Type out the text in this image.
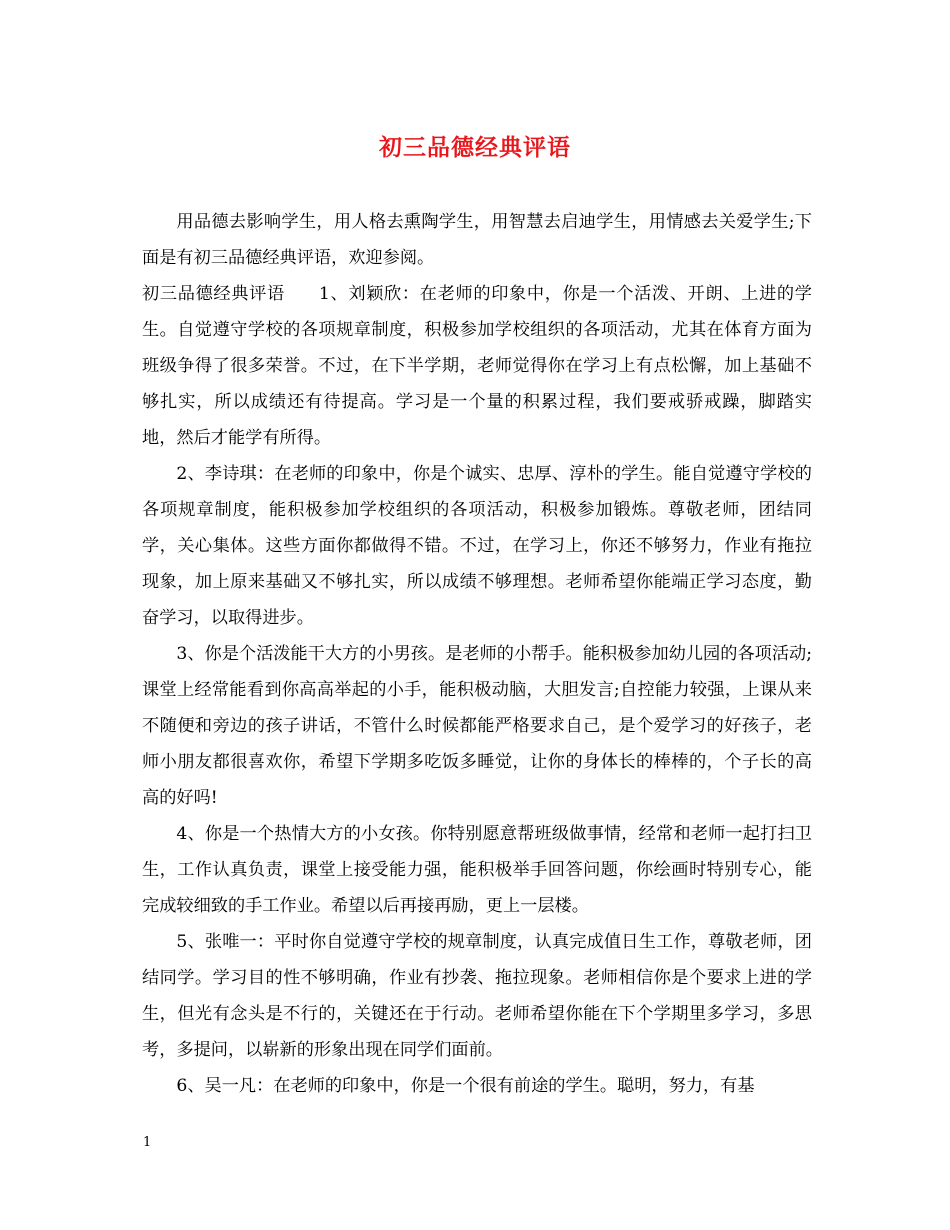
初三品德经典评语

用品德去影响学生，用人格去熏陶学生，用智慧去启迪学生，用情感去关爱学生;下面是有初三品德经典评语，欢迎参阅。

初三品德经典评语 1、刘颖欣：在老师的印象中，你是一个活泼、开朗、上进的学生。自觉遵守学校的各项规章制度，积极参加学校组织的各项活动，尤其在体育方面为班级争得了很多荣誉。不过，在下半学期，老师觉得你在学习上有点松懈，加上基础不够扎实，所以成绩还有待提高。学习是一个量的积累过程，我们要戒骄戒躁，脚踏实地，然后才能学有所得。

2、李诗琪：在老师的印象中，你是个诚实、忠厚、淳朴的学生。能自觉遵守学校的各项规章制度，能积极参加学校组织的各项活动，积极参加锻炼。尊敬老师，团结同学，关心集体。这些方面你都做得不错。不过，在学习上，你还不够努力，作业有拖拉现象，加上原来基础又不够扎实，所以成绩不够理想。老师希望你能端正学习态度，勤奋学习，以取得进步。

3、你是个活泼能干大方的小男孩。是老师的小帮手。能积极参加幼儿园的各项活动;课堂上经常能看到你高高举起的小手，能积极动脑，大胆发言;自控能力较强，上课从来不随便和旁边的孩子讲话，不管什么时候都能严格要求自己，是个爱学习的好孩子，老师小朋友都很喜欢你，希望下学期多吃饭多睡觉，让你的身体长的棒棒的，个子长的高高的好吗!

4、你是一个热情大方的小女孩。你特别愿意帮班级做事情，经常和老师一起打扫卫生，工作认真负责，课堂上接受能力强，能积极举手回答问题，你绘画时特别专心，能完成较细致的手工作业。希望以后再接再励，更上一层楼。

5、张唯一：平时你自觉遵守学校的规章制度，认真完成值日生工作，尊敬老师，团结同学。学习目的性不够明确，作业有抄袭、拖拉现象。老师相信你是个要求上进的学生，但光有念头是不行的，关键还在于行动。老师希望你能在下个学期里多学习，多思考，多提问，以崭新的形象出现在同学们面前。

6、吴一凡：在老师的印象中，你是一个很有前途的学生。聪明，努力，有基

1
